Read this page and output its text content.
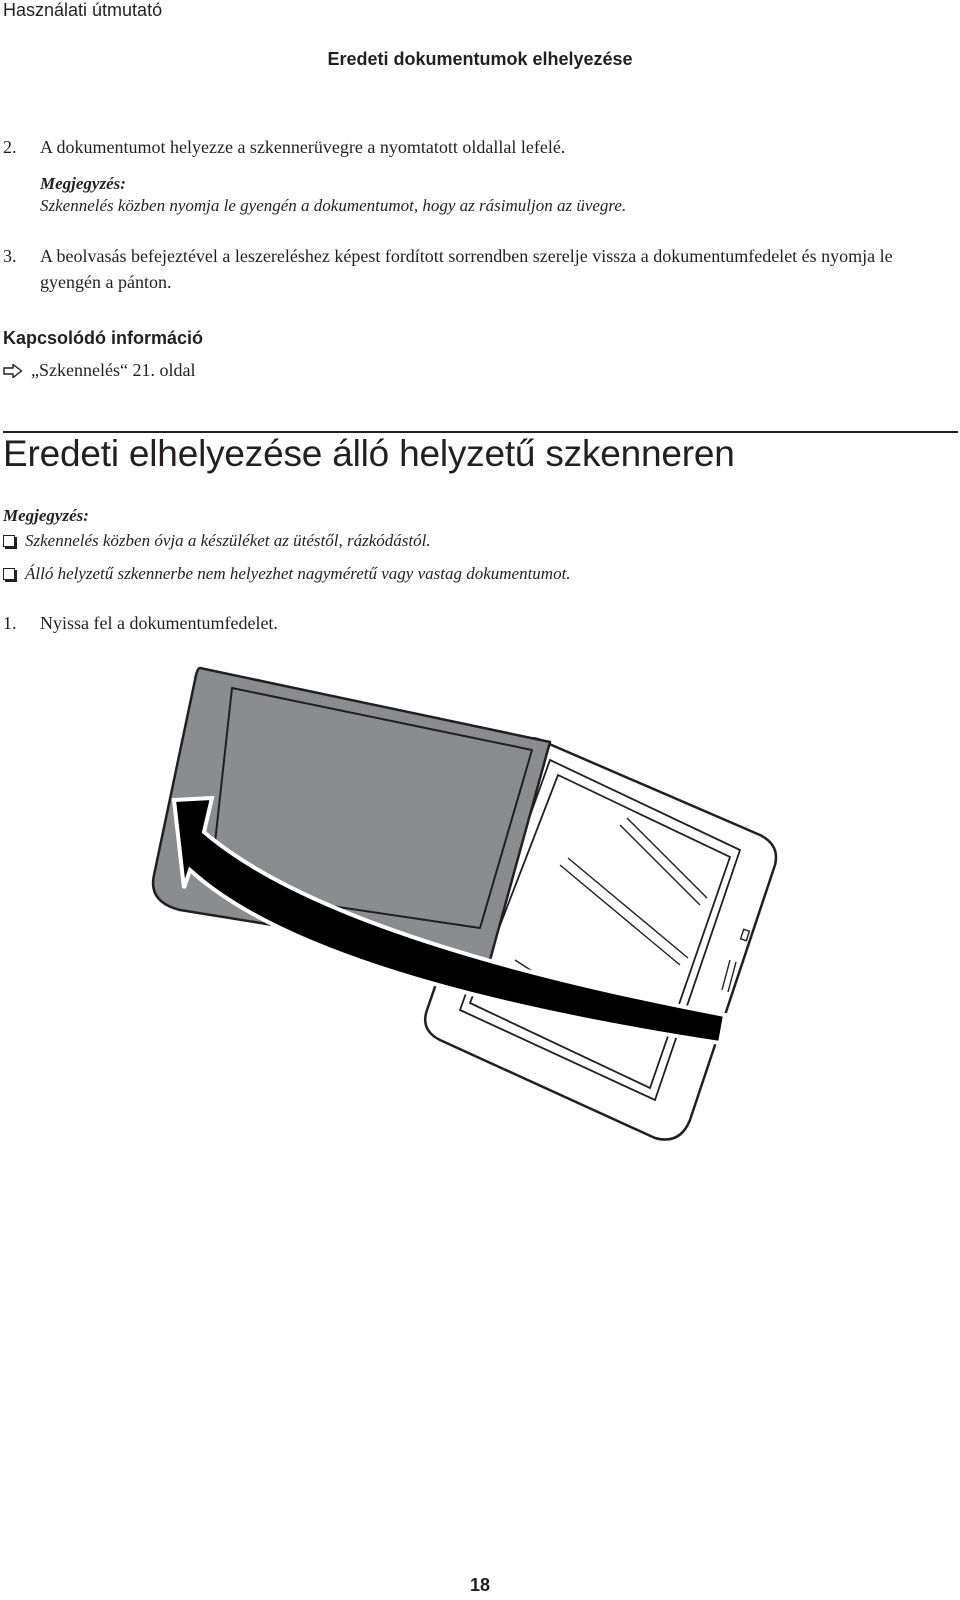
Használati útmutató
Eredeti dokumentumok elhelyezése
2. A dokumentumot helyezze a szkennerüvegre a nyomtatott oldallal lefelé.
Megjegyzés:
Szkennelés közben nyomja le gyengén a dokumentumot, hogy az rásimuljon az üvegre.
3. A beolvasás befejeztével a leszereléshez képest fordított sorrendben szerelje vissza a dokumentumfedelet és nyomja le gyengén a pánton.
Kapcsolódó információ
„Szkennelés“ 21. oldal
Eredeti elhelyezése álló helyzetű szkenneren
Megjegyzés:
Szkennelés közben óvja a készüléket az ütéstől, rázkódástól.
Álló helyzetű szkennerbe nem helyezhet nagyméretű vagy vastag dokumentumot.
1. Nyissa fel a dokumentumfedelet.
18
